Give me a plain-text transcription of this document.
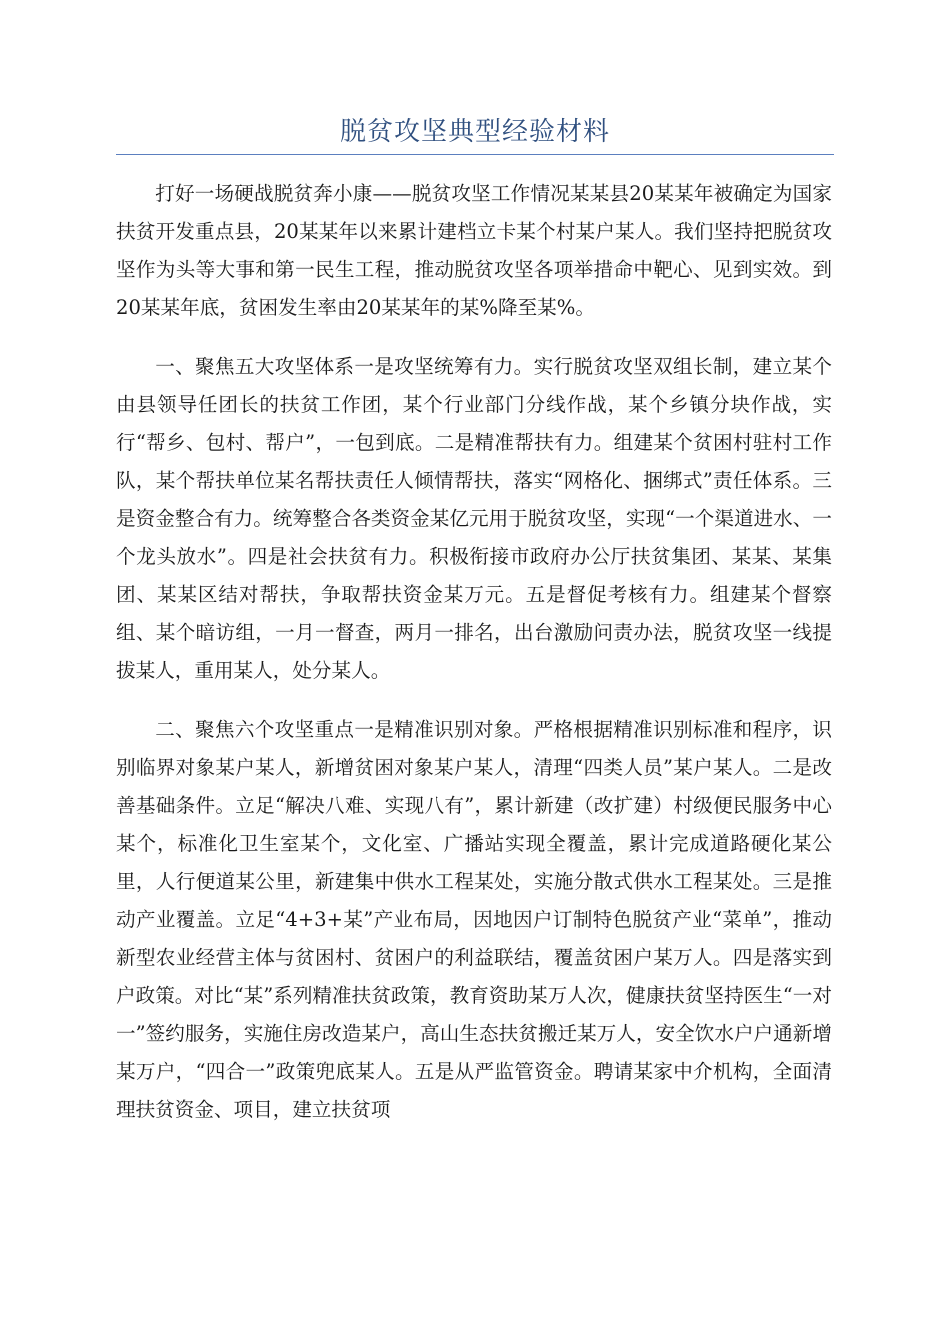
脱贫攻坚典型经验材料

打好一场硬战脱贫奔小康——脱贫攻坚工作情况某某县20某某年被确定为国家扶贫开发重点县，20某某年以来累计建档立卡某个村某户某人。我们坚持把脱贫攻坚作为头等大事和第一民生工程，推动脱贫攻坚各项举措命中靶心、见到实效。到20某某年底，贫困发生率由20某某年的某%降至某%。

一、聚焦五大攻坚体系一是攻坚统筹有力。实行脱贫攻坚双组长制，建立某个由县领导任团长的扶贫工作团，某个行业部门分线作战，某个乡镇分块作战，实行“帮乡、包村、帮户”，一包到底。二是精准帮扶有力。组建某个贫困村驻村工作队，某个帮扶单位某名帮扶责任人倾情帮扶，落实“网格化、捆绑式”责任体系。三是资金整合有力。统筹整合各类资金某亿元用于脱贫攻坚，实现“一个渠道进水、一个龙头放水”。四是社会扶贫有力。积极衔接市政府办公厅扶贫集团、某某、某集团、某某区结对帮扶，争取帮扶资金某万元。五是督促考核有力。组建某个督察组、某个暗访组，一月一督查，两月一排名，出台激励问责办法，脱贫攻坚一线提拔某人，重用某人，处分某人。

二、聚焦六个攻坚重点一是精准识别对象。严格根据精准识别标准和程序，识别临界对象某户某人，新增贫困对象某户某人，清理“四类人员”某户某人。二是改善基础条件。立足“解决八难、实现八有”，累计新建（改扩建）村级便民服务中心某个，标准化卫生室某个，文化室、广播站实现全覆盖，累计完成道路硬化某公里，人行便道某公里，新建集中供水工程某处，实施分散式供水工程某处。三是推动产业覆盖。立足“4+3+某”产业布局，因地因户订制特色脱贫产业“菜单”，推动新型农业经营主体与贫困村、贫困户的利益联结，覆盖贫困户某万人。四是落实到户政策。对比“某”系列精准扶贫政策，教育资助某万人次，健康扶贫坚持医生“一对一”签约服务，实施住房改造某户，高山生态扶贫搬迁某万人，安全饮水户户通新增某万户，“四合一”政策兜底某人。五是从严监管资金。聘请某家中介机构，全面清理扶贫资金、项目，建立扶贫项
